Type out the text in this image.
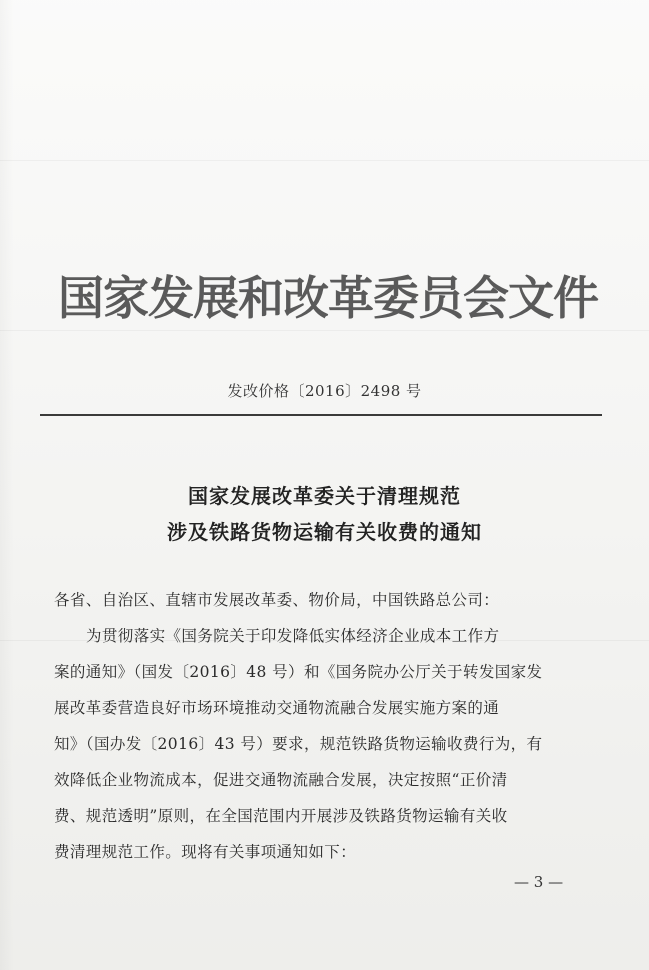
国家发展和改革委员会文件
发改价格〔2016〕2498 号
国家发展改革委关于清理规范
涉及铁路货物运输有关收费的通知
各省、自治区、直辖市发展改革委、物价局，中国铁路总公司：
为贯彻落实《国务院关于印发降低实体经济企业成本工作方
案的通知》（国发〔2016〕48 号）和《国务院办公厅关于转发国家发
展改革委营造良好市场环境推动交通物流融合发展实施方案的通
知》（国办发〔2016〕43 号）要求，规范铁路货物运输收费行为，有
效降低企业物流成本，促进交通物流融合发展，决定按照“正价清
费、规范透明”原则，在全国范围内开展涉及铁路货物运输有关收
费清理规范工作。现将有关事项通知如下：
— 3 —
